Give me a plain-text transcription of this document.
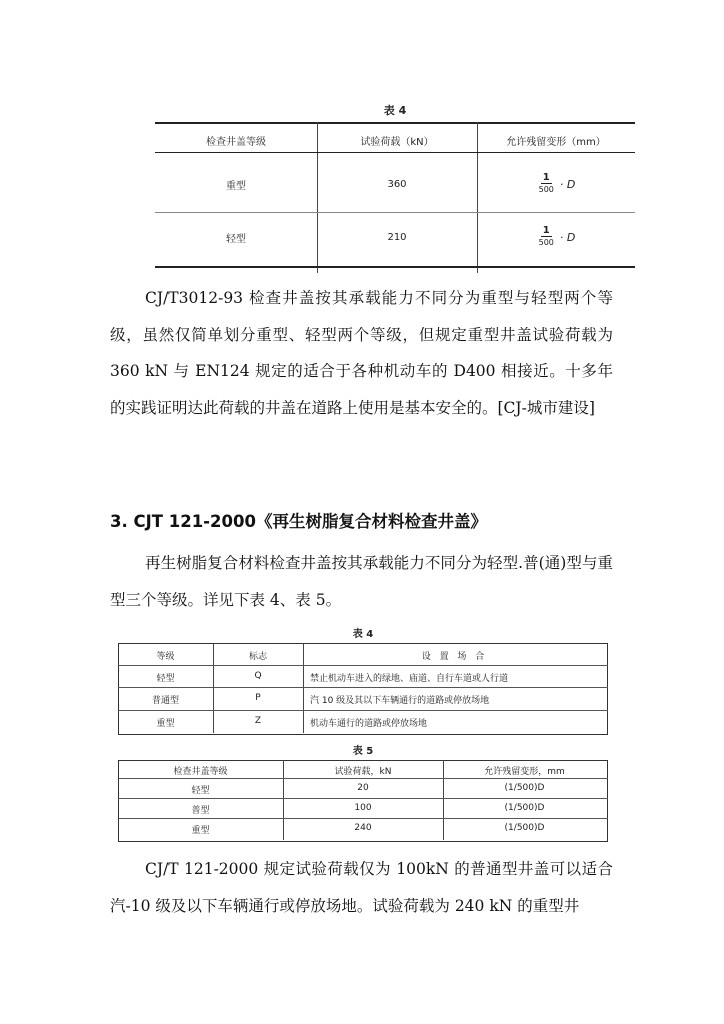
表 4
检查井盖等级	试验荷载（kN）	允许残留变形（mm）
重型	360	$\frac{1}{500} \cdot D$
轻型	210	$\frac{1}{500} \cdot D$
CJ/T3012-93 检查井盖按其承载能力不同分为重型与轻型两个等级，虽然仅简单划分重型、轻型两个等级，但规定重型井盖试验荷载为 360 kN 与 EN124 规定的适合于各种机动车的 D400 相接近。十多年的实践证明达此荷载的井盖在道路上使用是基本安全的。[CJ-城市建设]
3. CJT 121-2000《再生树脂复合材料检查井盖》
再生树脂复合材料检查井盖按其承载能力不同分为轻型.普(通)型与重型三个等级。详见下表 4、表 5。
表 4
等级	标志	设 置 场 合
轻型	Q	禁止机动车进入的绿地、庙道、自行车道或人行道
普通型	P	汽 10 级及其以下车辆通行的道路或停放场地
重型	Z	机动车通行的道路或停放场地
表 5
检查井盖等级	试验荷载，kN	允许残留变形，mm
轻型	20	(1/500)D
普型	100	(1/500)D
重型	240	(1/500)D
CJ/T 121-2000 规定试验荷载仅为 100kN 的普通型井盖可以适合汽-10 级及以下车辆通行或停放场地。试验荷载为 240 kN 的重型井
